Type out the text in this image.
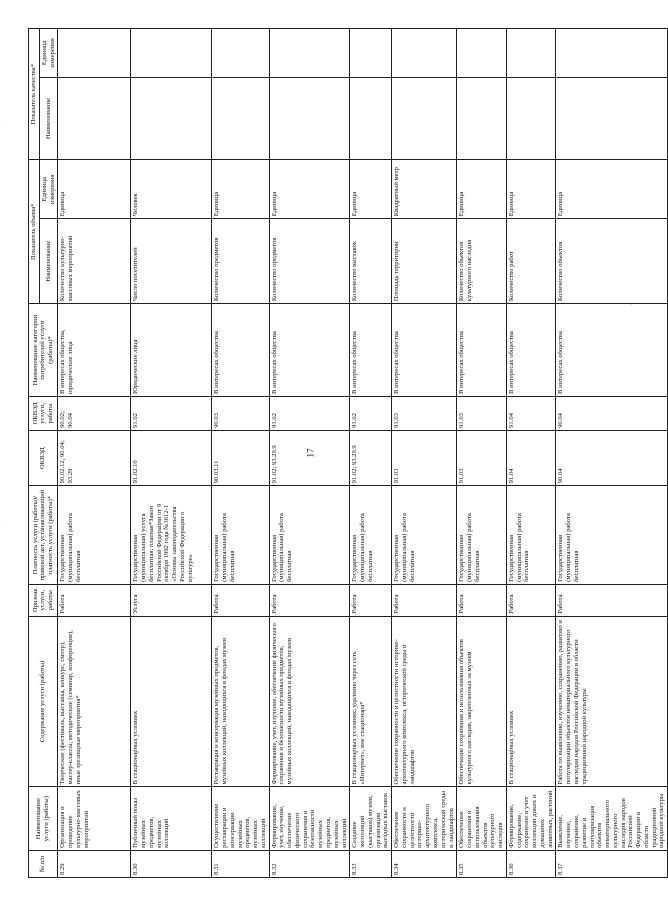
17
№ п/п	Наименование услуги (работы)	Содержание услуги (работы)	Признак услуги, работы	Платность услуги (работы)/правовой акт, устанавливающий платность услуги (работы)*	ОКВЭД	ОКВЭД услуги, работы	Наименование категорий потребителей услуги (работы)*	Показатель объема*		Показатель качества*	
								Наименование	Единица измерения	Наименование	Единица измерения
8.29	Организация и проведение культурно-массовых мероприятий	Творческие (фестиваль, выставка, конкурс, смотр), мастер-классы, методические (семинар, конференция), иные зрелищные мероприятия*	Работа	Государственная (муниципальная) работа бесплатная	90.02.12, 90.04; 93.29	90.02; 90.04	В интересах общества, юридические лица	Количество культурно-массовых мероприятий	Единица		
8.30	Публичный показ музейных предметов, музейных коллекций	В стационарных условиях	Услуга	Государственная (муниципальная) услуга бесплатная; платная*Закон Российской Федерации от 9 октября 1992 года №3612-1 «Основы законодательства Российской Федерации о культуре»	91.02.10	91.02	Юридические лица	Число посетителей	Человек		
8.31	Осуществление реставрации и консервации музейных предметов, музейных коллекций	Реставрация и консервация музейных предметов, музейных коллекций, находящихся в фондах музеев	Работа	Государственная (муниципальная) работа бесплатная	90.03.11	90.03	В интересах общества	Количество предметов	Единица		
8.32	Формирование, учет, изучение, обеспечение физического сохранения и безопасности музейных предметов, музейных коллекций	Формирование, учет, изучение, обеспечение физического сохранения и безопасности музейных предметов, музейных коллекций, находящихся в фондах музеев	Работа	Государственная (муниципальная) работа бесплатная	91.02; 93.29.9	91.02	В интересах общества	Количество предметов	Единица		
8.33	Создание экспозиций (выставок) музеев, организация выездных выставок	В стационарных условиях; удаленно через сеть «Интернет», вне стационара*	Работа	Государственная (муниципальная) работа бесплатная	91.02; 93.29.9	91.02	В интересах общества	Количество выставок	Единица		
8.34	Обеспечение сохранности и целостности историко-архитектурного комплекса, исторической среды и ландшафтов	Обеспечение сохранности и целостности историко-архитектурного комплекса, исторической среды и ландшафтов	Работа	Государственная (муниципальная) работа бесплатная	91.03	91.03	В интересах общества	Площадь территории	Квадратный метр		
8.35	Обеспечение сохранения и использования объектов культурного наследия	Обеспечение сохранения и использования объектов культурного наследия, закрепленных за музеем	Работа	Государственная (муниципальная) работа бесплатная	91.03	91.03	В интересах общества	Количество объектов культурного наследия	Единица		
8.36	Формирование, содержание, сохранение и учет коллекции диких и домашних животных, растений	В стационарных условиях	Работа	Государственная (муниципальная) работа бесплатная	91.04	91.04	В интересах общества	Количество работ	Единица		
8.37	Выявление, изучение, сохранение, развитие и популяризация объектов нематериального культурного наследия народов Российской Федерации в области традиционной народной культуры	Работа по выявлению, изучению, сохранению, развитию и популяризации объектов нематериального культурного наследия народов Российской Федерации в области традиционной народной культуры	Работа	Государственная (муниципальная) работа бесплатная	90.04	90.04	В интересах общества	Количество объектов	Единица		
·
·
·
